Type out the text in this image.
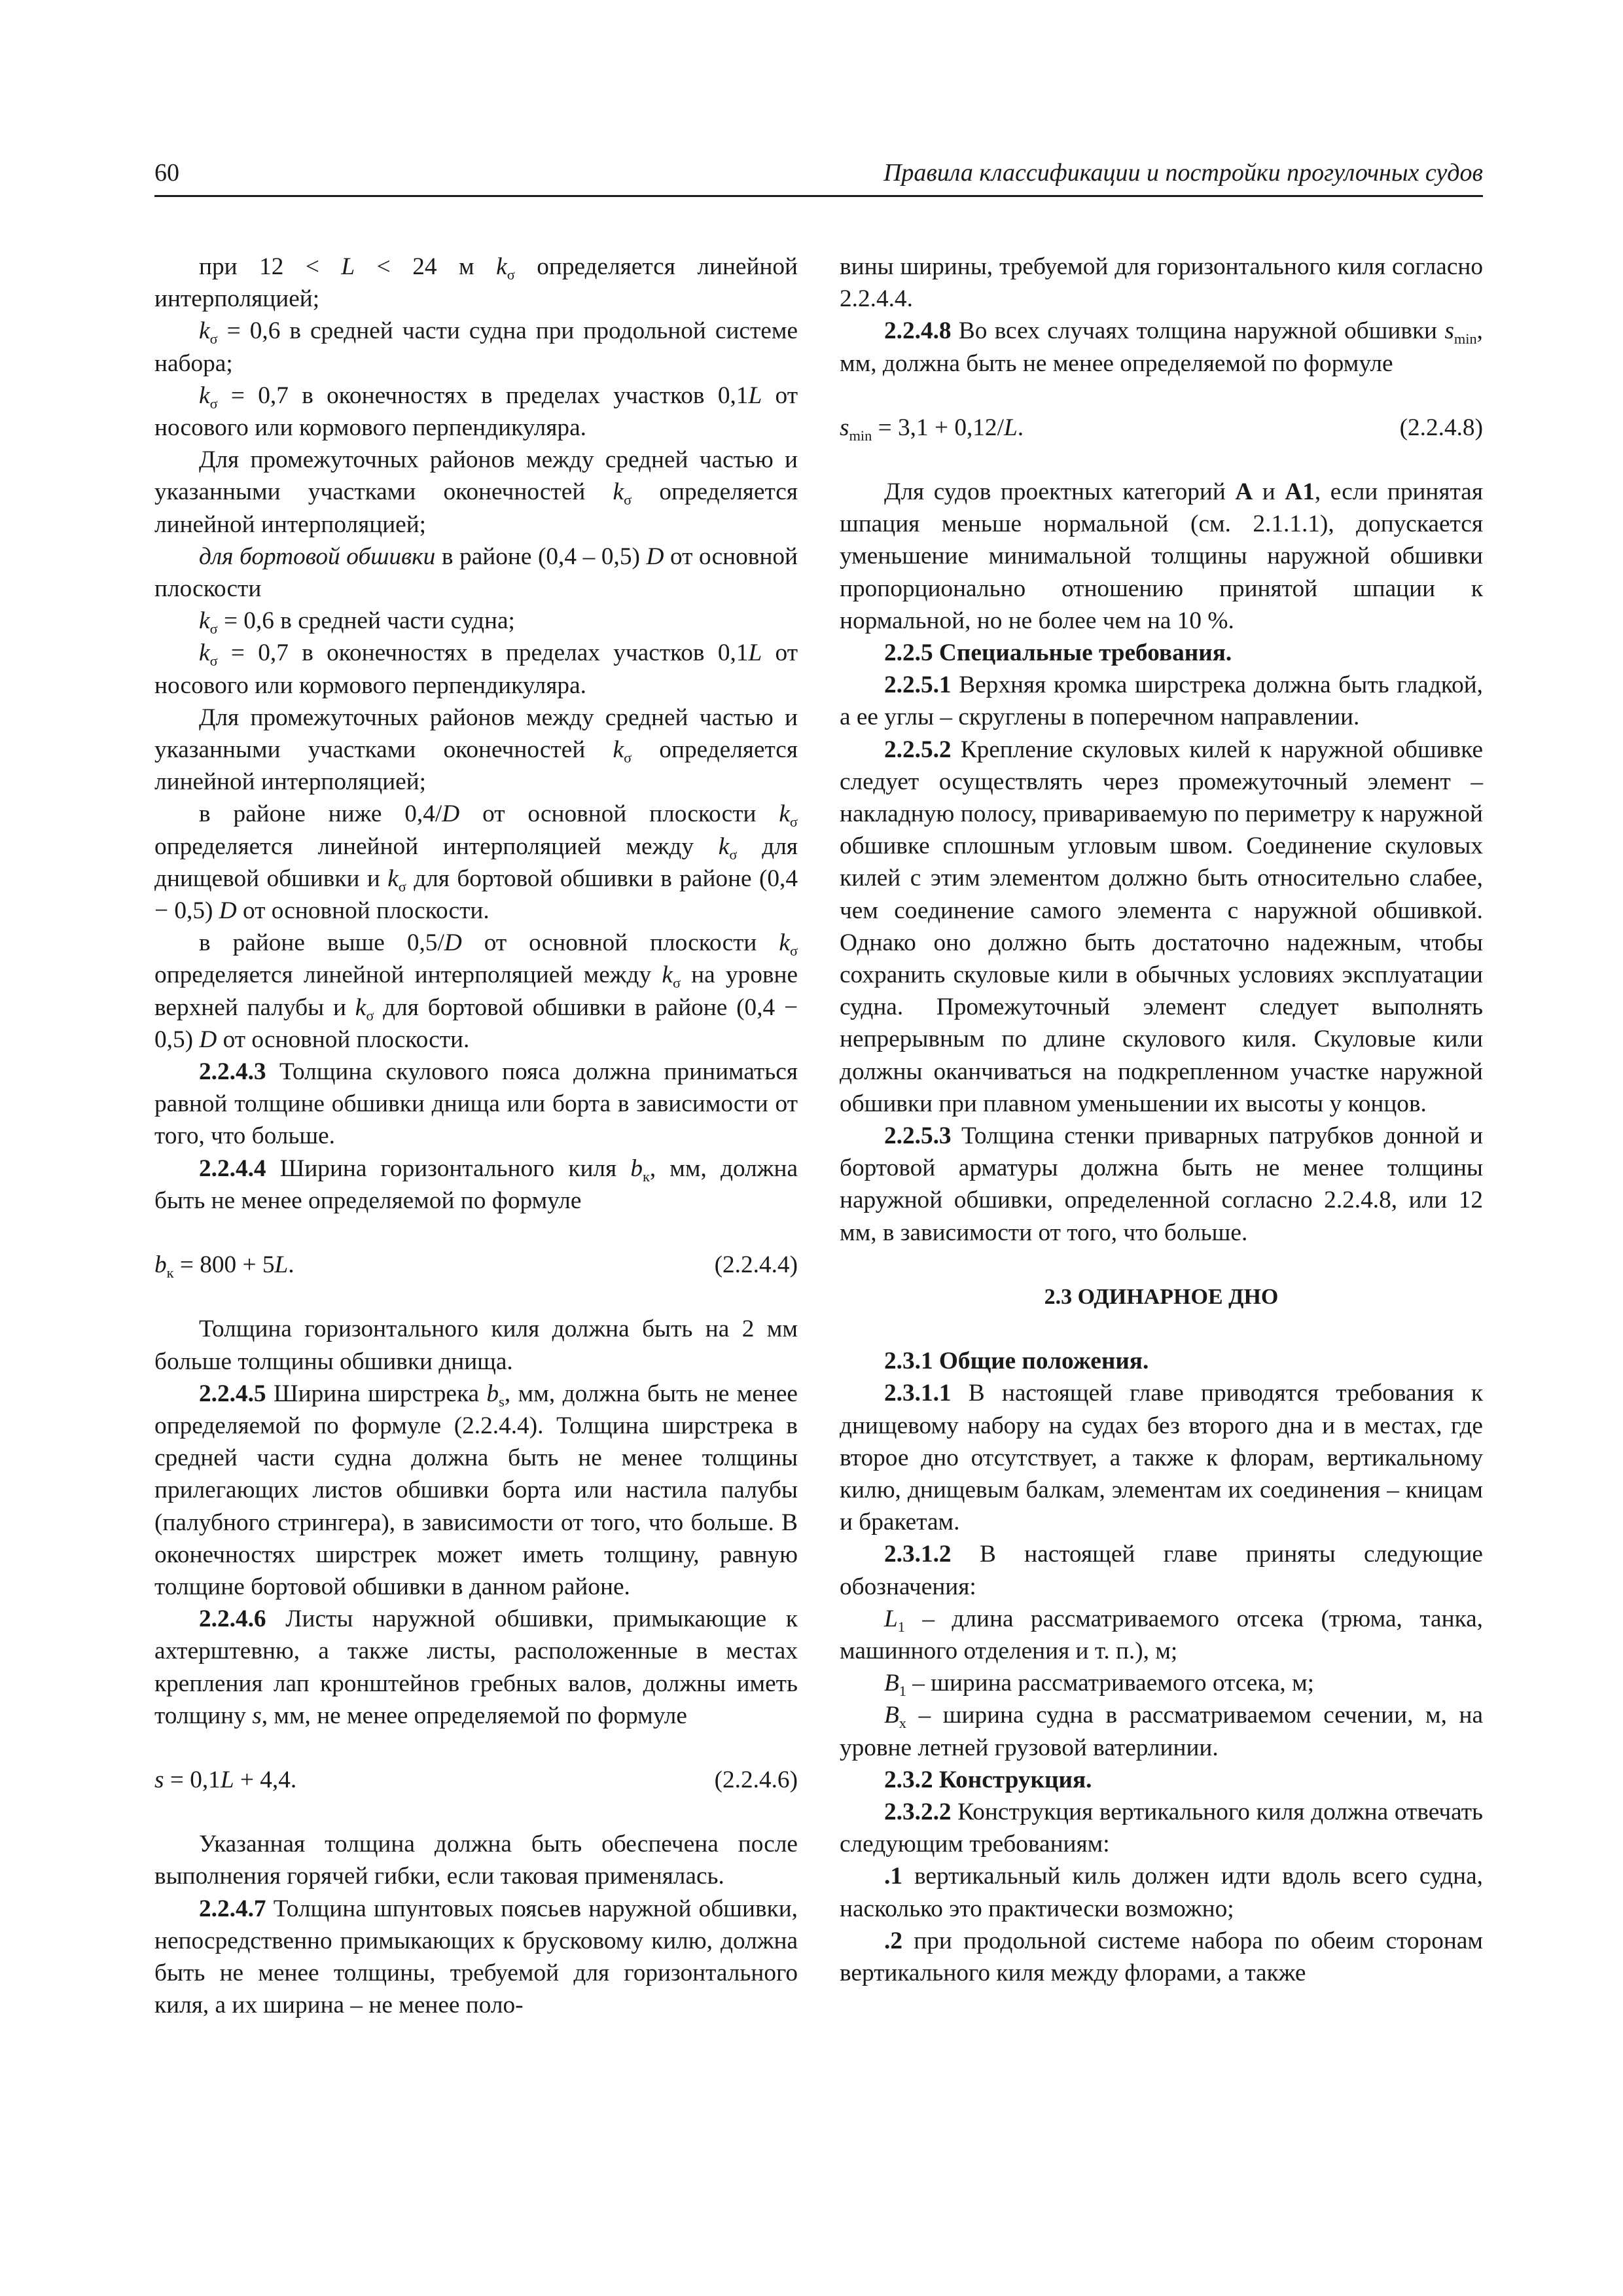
60	Правила классификации и постройки прогулочных судов

при 12 < L < 24 м $k_\sigma$ определяется линейной интерполяцией;

$k_\sigma = 0,6$ в средней части судна при продольной системе набора;

$k_\sigma = 0,7$ в оконечностях в пределах участков 0,1L от носового или кормового перпендикуляра.

Для промежуточных районов между средней частью и указанными участками оконечностей $k_\sigma$ определяется линейной интерполяцией;

для бортовой обшивки в районе (0,4 – 0,5) D от основной плоскости

$k_\sigma = 0,6$ в средней части судна;

$k_\sigma = 0,7$ в оконечностях в пределах участков 0,1L от носового или кормового перпендикуляра.

Для промежуточных районов между средней частью и указанными участками оконечностей $k_\sigma$ определяется линейной интерполяцией;

в районе ниже 0,4/D от основной плоскости $k_\sigma$ определяется линейной интерполяцией между $k_\sigma$ для днищевой обшивки и $k_\sigma$ для бортовой обшивки в районе (0,4 − 0,5) D от основной плоскости.

в районе выше 0,5/D от основной плоскости $k_\sigma$ определяется линейной интерполяцией между $k_\sigma$ на уровне верхней палубы и $k_\sigma$ для бортовой обшивки в районе (0,4 − 0,5) D от основной плоскости.

2.2.4.3 Толщина скулового пояса должна приниматься равной толщине обшивки днища или борта в зависимости от того, что больше.

2.2.4.4 Ширина горизонтального киля $b_к$, мм, должна быть не менее определяемой по формуле

$b_к = 800 + 5L$.	(2.2.4.4)

Толщина горизонтального киля должна быть на 2 мм больше толщины обшивки днища.

2.2.4.5 Ширина ширстрека $b_s$, мм, должна быть не менее определяемой по формуле (2.2.4.4). Толщина ширстрека в средней части судна должна быть не менее толщины прилегающих листов обшивки борта или настила палубы (палубного стрингера), в зависимости от того, что больше. В оконечностях ширстрек может иметь толщину, равную толщине бортовой обшивки в данном районе.

2.2.4.6 Листы наружной обшивки, примыкающие к ахтерштевню, а также листы, расположенные в местах крепления лап кронштейнов гребных валов, должны иметь толщину s, мм, не менее определяемой по формуле

s = 0,1L + 4,4.	(2.2.4.6)

Указанная толщина должна быть обеспечена после выполнения горячей гибки, если таковая применялась.

2.2.4.7 Толщина шпунтовых поясьев наружной обшивки, непосредственно примыкающих к брусковому килю, должна быть не менее толщины, требуемой для горизонтального киля, а их ширина – не менее поло-

вины ширины, требуемой для горизонтального киля согласно 2.2.4.4.

2.2.4.8 Во всех случаях толщина наружной обшивки $s_{min}$, мм, должна быть не менее определяемой по формуле

$s_{min} = 3,1 + 0,12/L$.	(2.2.4.8)

Для судов проектных категорий А и А1, если принятая шпация меньше нормальной (см. 2.1.1.1), допускается уменьшение минимальной толщины наружной обшивки пропорционально отношению принятой шпации к нормальной, но не более чем на 10 %.

2.2.5 Специальные требования.

2.2.5.1 Верхняя кромка ширстрека должна быть гладкой, а ее углы – скруглены в поперечном направлении.

2.2.5.2 Крепление скуловых килей к наружной обшивке следует осуществлять через промежуточный элемент – накладную полосу, привариваемую по периметру к наружной обшивке сплошным угловым швом. Соединение скуловых килей с этим элементом должно быть относительно слабее, чем соединение самого элемента с наружной обшивкой. Однако оно должно быть достаточно надежным, чтобы сохранить скуловые кили в обычных условиях эксплуатации судна. Промежуточный элемент следует выполнять непрерывным по длине скулового киля. Скуловые кили должны оканчиваться на подкрепленном участке наружной обшивки при плавном уменьшении их высоты у концов.

2.2.5.3 Толщина стенки приварных патрубков донной и бортовой арматуры должна быть не менее толщины наружной обшивки, определенной согласно 2.2.4.8, или 12 мм, в зависимости от того, что больше.

2.3 ОДИНАРНОЕ ДНО

2.3.1 Общие положения.

2.3.1.1 В настоящей главе приводятся требования к днищевому набору на судах без второго дна и в местах, где второе дно отсутствует, а также к флорам, вертикальному килю, днищевым балкам, элементам их соединения – кницам и бракетам.

2.3.1.2 В настоящей главе приняты следующие обозначения:

$L_1$ – длина рассматриваемого отсека (трюма, танка, машинного отделения и т. п.), м;

$B_1$ – ширина рассматриваемого отсека, м;

$B_x$ – ширина судна в рассматриваемом сечении, м, на уровне летней грузовой ватерлинии.

2.3.2 Конструкция.

2.3.2.2 Конструкция вертикального киля должна отвечать следующим требованиям:

.1 вертикальный киль должен идти вдоль всего судна, насколько это практически возможно;

.2 при продольной системе набора по обеим сторонам вертикального киля между флорами, а также
